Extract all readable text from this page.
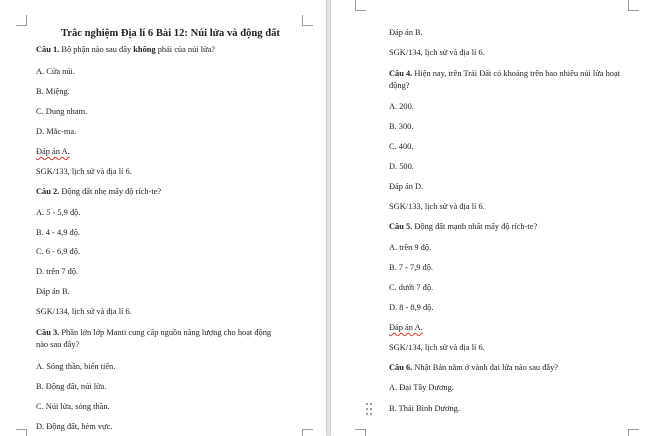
Trắc nghiệm Địa lí 6 Bài 12: Núi lửa và động đất
Câu 1. Bộ phận nào sau đây không phải của núi lửa?
A. Cửa núi.
B. Miệng.
C. Dung nham.
D. Mắc-ma.
Đáp án A.
SGK/133, lịch sử và địa lí 6.
Câu 2. Động đất nhẹ mấy độ rích-te?
A. 5 - 5,9 độ.
B. 4 - 4,9 độ.
C. 6 - 6,9 độ.
D. trên 7 độ.
Đáp án B.
SGK/134, lịch sử và địa lí 6.
Câu 3. Phần lớn lớp Manti cung cấp nguồn năng lượng cho hoạt động
nào sau đây?
A. Sóng thần, biển tiến.
B. Động đất, núi lửa.
C. Núi lửa, sóng thần.
D. Động đất, hẻm vực.
Đáp án B.
SGK/134, lịch sử và địa lí 6.
Câu 4. Hiện nay, trên Trái Đất có khoảng trên bao nhiêu núi lửa hoạt
động?
A. 200.
B. 300.
C. 400.
D. 500.
Đáp án D.
SGK/133, lịch sử và địa lí 6.
Câu 5. Động đất mạnh nhất mấy độ rích-te?
A. trên 9 độ.
B. 7 - 7,9 độ.
C. dưới 7 độ.
D. 8 - 8,9 độ.
Đáp án A.
SGK/134, lịch sử và địa lí 6.
Câu 6. Nhật Bản nằm ở vành đai lửa nào sau đây?
A. Đại Tây Dương.
B. Thái Bình Dương.
